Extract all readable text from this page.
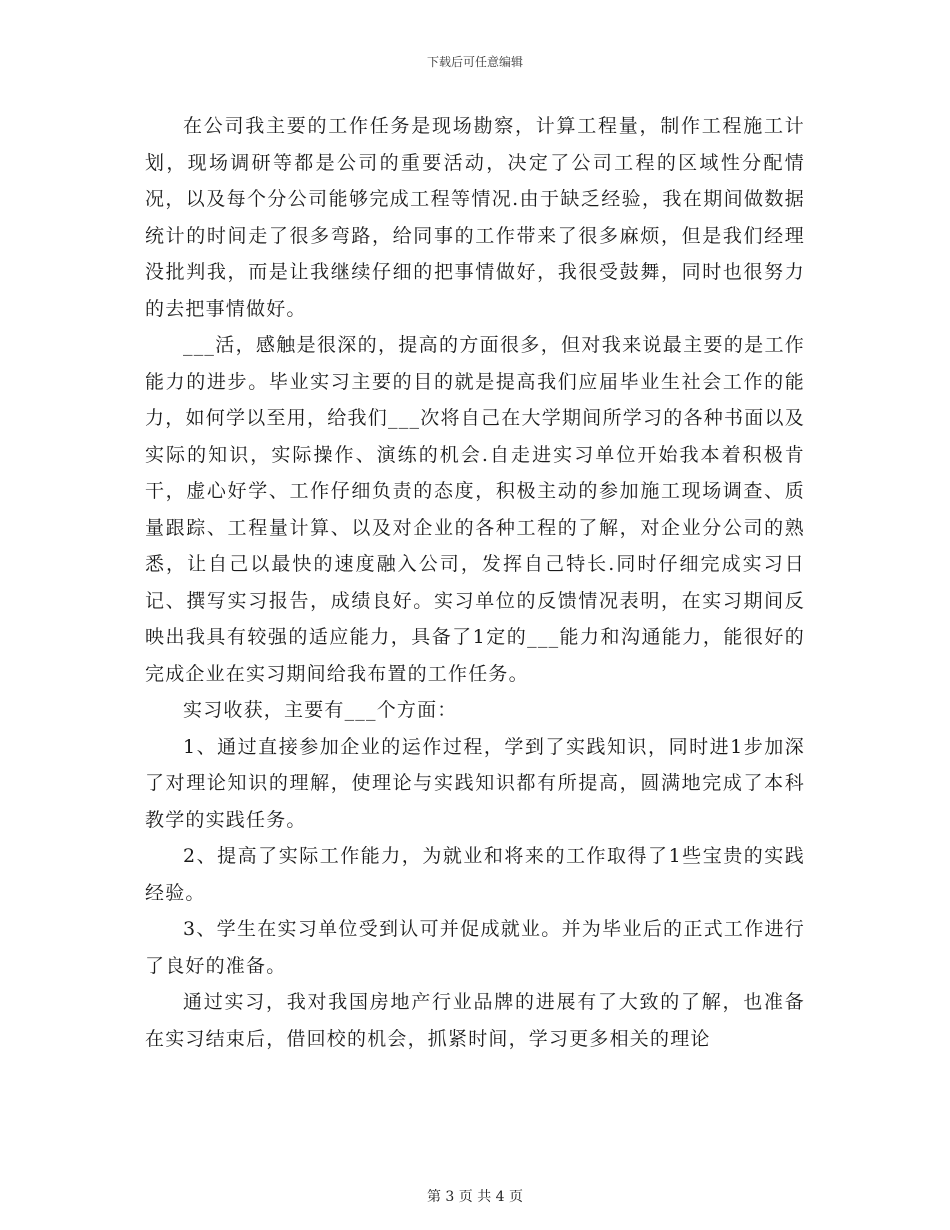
下载后可任意编辑

在公司我主要的工作任务是现场勘察，计算工程量，制作工程施工计划，现场调研等都是公司的重要活动，决定了公司工程的区域性分配情况，以及每个分公司能够完成工程等情况.由于缺乏经验，我在期间做数据统计的时间走了很多弯路，给同事的工作带来了很多麻烦，但是我们经理没批判我，而是让我继续仔细的把事情做好，我很受鼓舞，同时也很努力的去把事情做好。

___活，感触是很深的，提高的方面很多，但对我来说最主要的是工作能力的进步。毕业实习主要的目的就是提高我们应届毕业生社会工作的能力，如何学以至用，给我们___次将自己在大学期间所学习的各种书面以及实际的知识，实际操作、演练的机会.自走进实习单位开始我本着积极肯干，虚心好学、工作仔细负责的态度，积极主动的参加施工现场调查、质量跟踪、工程量计算、以及对企业的各种工程的了解，对企业分公司的熟悉，让自己以最快的速度融入公司，发挥自己特长.同时仔细完成实习日记、撰写实习报告，成绩良好。实习单位的反馈情况表明，在实习期间反映出我具有较强的适应能力，具备了1定的___能力和沟通能力，能很好的完成企业在实习期间给我布置的工作任务。

实习收获，主要有___个方面：

1、通过直接参加企业的运作过程，学到了实践知识，同时进1步加深了对理论知识的理解，使理论与实践知识都有所提高，圆满地完成了本科教学的实践任务。

2、提高了实际工作能力，为就业和将来的工作取得了1些宝贵的实践经验。

3、学生在实习单位受到认可并促成就业。并为毕业后的正式工作进行了良好的准备。

通过实习，我对我国房地产行业品牌的进展有了大致的了解，也准备在实习结束后，借回校的机会，抓紧时间，学习更多相关的理论

第 3 页 共 4 页
